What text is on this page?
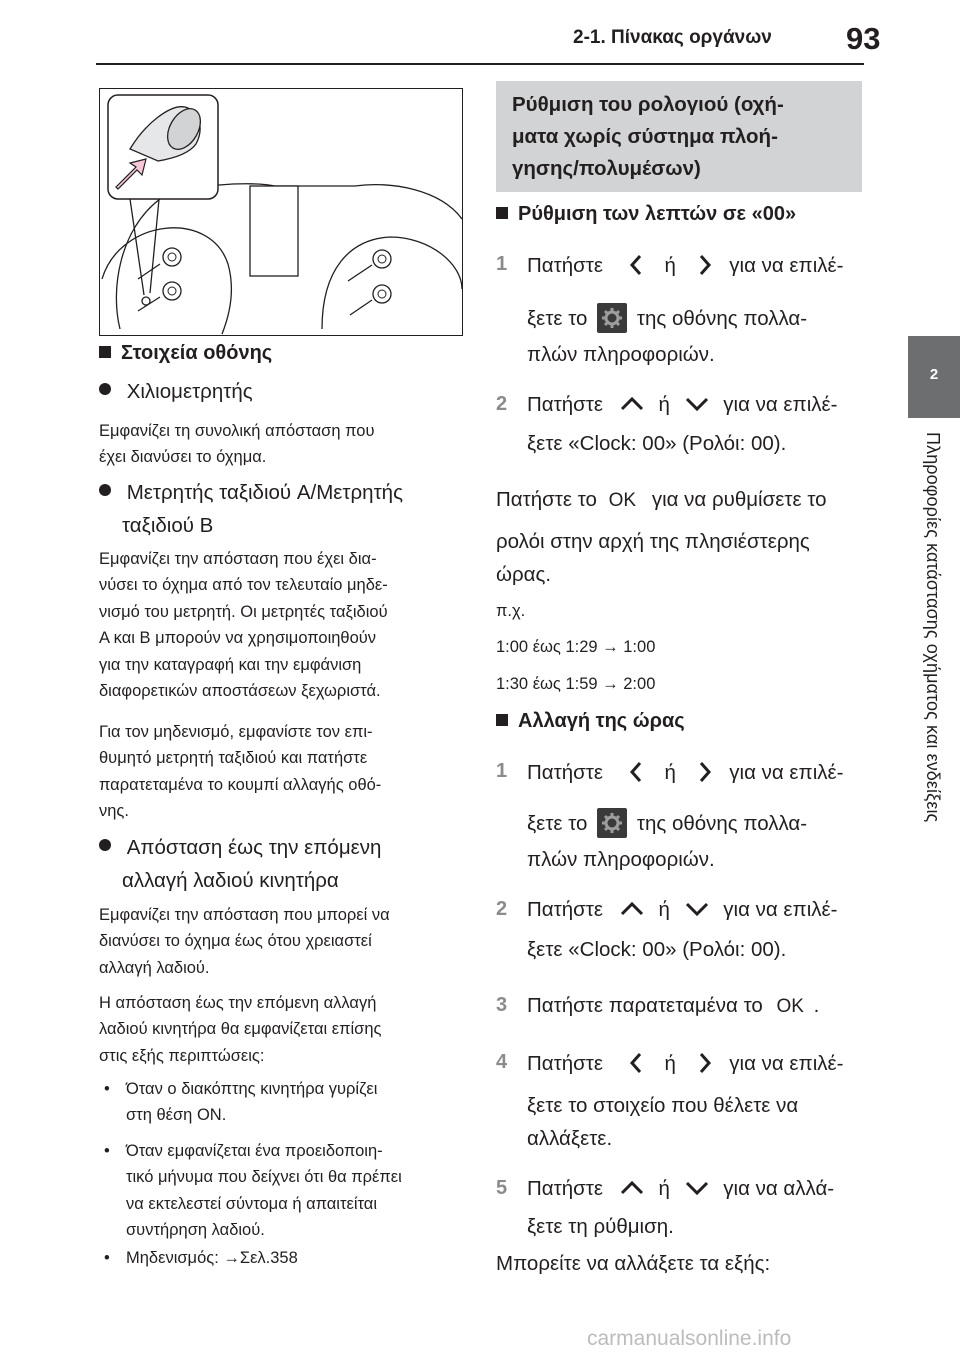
2-1. Πίνακας οργάνων 93
2
Πληροφορίες κατάστασης οχήματος και ενδείξεις
Στοιχεία οθόνης
Χιλιομετρητής
Εμφανίζει τη συνολική απόσταση που
έχει διανύσει το όχημα.
Μετρητής ταξιδιού A/Μετρητής
ταξιδιού B
Εμφανίζει την απόσταση που έχει δια-
νύσει το όχημα από τον τελευταίο μηδε-
νισμό του μετρητή. Οι μετρητές ταξιδιού
A και B μπορούν να χρησιμοποιηθούν
για την καταγραφή και την εμφάνιση
διαφορετικών αποστάσεων ξεχωριστά.
Για τον μηδενισμό, εμφανίστε τον επι-
θυμητό μετρητή ταξιδιού και πατήστε
παρατεταμένα το κουμπί αλλαγής οθό-
νης.
Απόσταση έως την επόμενη
αλλαγή λαδιού κινητήρα
Εμφανίζει την απόσταση που μπορεί να
διανύσει το όχημα έως ότου χρειαστεί
αλλαγή λαδιού.
Η απόσταση έως την επόμενη αλλαγή
λαδιού κινητήρα θα εμφανίζεται επίσης
στις εξής περιπτώσεις:
• Όταν ο διακόπτης κινητήρα γυρίζει
στη θέση ON.
• Όταν εμφανίζεται ένα προειδοποιη-
τικό μήνυμα που δείχνει ότι θα πρέπει
να εκτελεστεί σύντομα ή απαιτείται
συντήρηση λαδιού.
• Μηδενισμός: →Σελ.358
Ρύθμιση του ρολογιού (οχή-
ματα χωρίς σύστημα πλοή-
γησης/πολυμέσων)
Ρύθμιση των λεπτών σε «00»
1 Πατήστε	ή	για να επιλέ-
ξετε το της οθόνης πολλα-
πλών πληροφοριών.
2 Πατήστε	ή	για να επιλέ-
ξετε «Clock: 00» (Ρολόι: 00).
Πατήστε το OK για να ρυθμίσετε το
ρολόι στην αρχή της πλησιέστερης
ώρας.
π.χ.
1:00 έως 1:29 → 1:00
1:30 έως 1:59 → 2:00
Αλλαγή της ώρας
1 Πατήστε	ή	για να επιλέ-
ξετε το της οθόνης πολλα-
πλών πληροφοριών.
2 Πατήστε	ή	για να επιλέ-
ξετε «Clock: 00» (Ρολόι: 00).
3 Πατήστε παρατεταμένα το OK .
4 Πατήστε	ή	για να επιλέ-
ξετε το στοιχείο που θέλετε να
αλλάξετε.
5 Πατήστε	ή	για να αλλά-
ξετε τη ρύθμιση.
Μπορείτε να αλλάξετε τα εξής:
carmanualsonline.info
